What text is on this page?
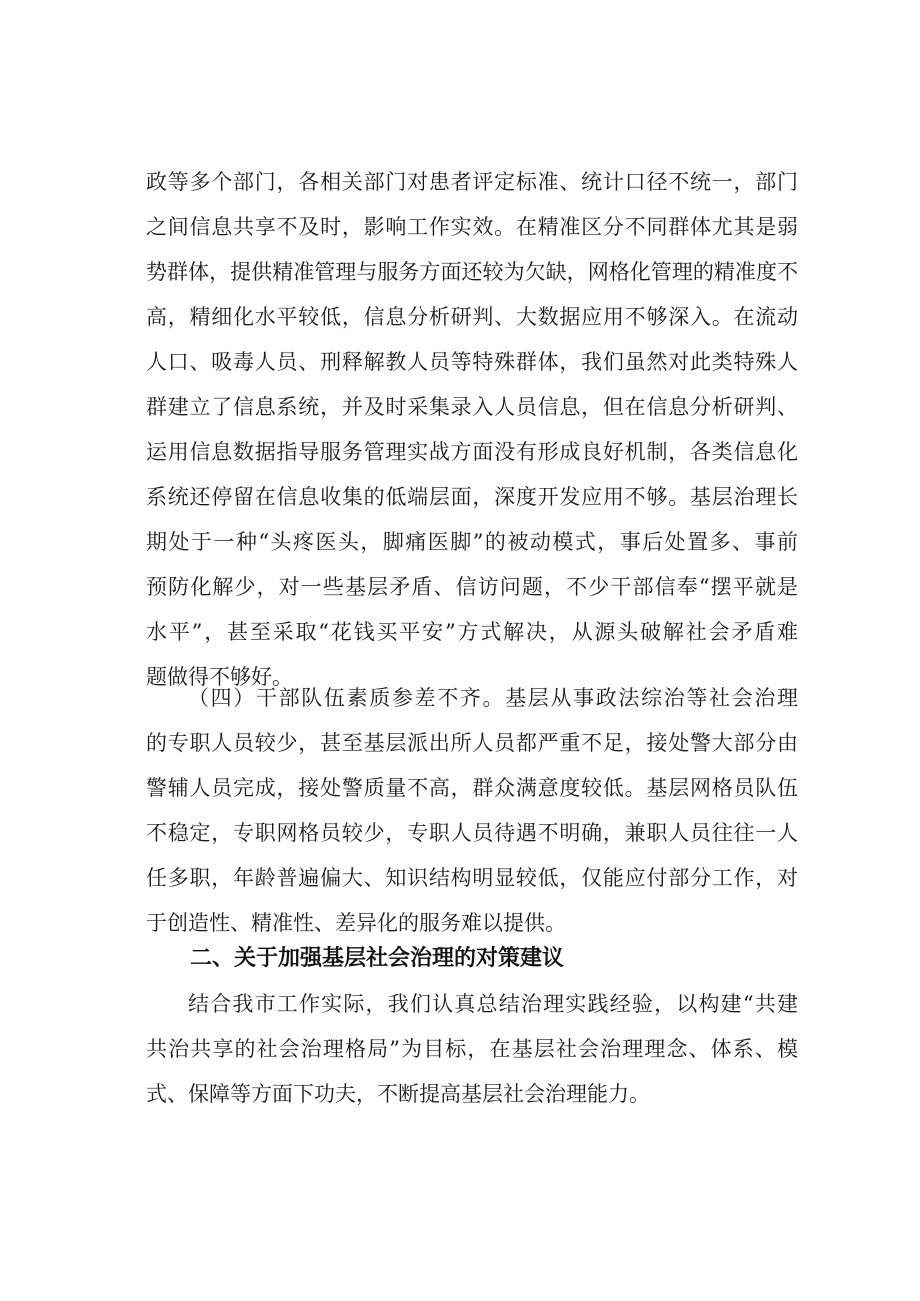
政等多个部门，各相关部门对患者评定标准、统计口径不统一，部门
之间信息共享不及时，影响工作实效。在精准区分不同群体尤其是弱
势群体，提供精准管理与服务方面还较为欠缺，网格化管理的精准度不
高，精细化水平较低，信息分析研判、大数据应用不够深入。在流动
人口、吸毒人员、刑释解教人员等特殊群体，我们虽然对此类特殊人
群建立了信息系统，并及时采集录入人员信息，但在信息分析研判、
运用信息数据指导服务管理实战方面没有形成良好机制，各类信息化
系统还停留在信息收集的低端层面，深度开发应用不够。基层治理长
期处于一种“头疼医头，脚痛医脚”的被动模式，事后处置多、事前
预防化解少，对一些基层矛盾、信访问题，不少干部信奉“摆平就是
水平”，甚至采取“花钱买平安”方式解决，从源头破解社会矛盾难
题做得不够好。
（四）干部队伍素质参差不齐。基层从事政法综治等社会治理
的专职人员较少，甚至基层派出所人员都严重不足，接处警大部分由
警辅人员完成，接处警质量不高，群众满意度较低。基层网格员队伍
不稳定，专职网格员较少，专职人员待遇不明确，兼职人员往往一人
任多职，年龄普遍偏大、知识结构明显较低，仅能应付部分工作，对
于创造性、精准性、差异化的服务难以提供。
二、关于加强基层社会治理的对策建议
结合我市工作实际，我们认真总结治理实践经验，以构建“共建
共治共享的社会治理格局”为目标，在基层社会治理理念、体系、模
式、保障等方面下功夫，不断提高基层社会治理能力。
